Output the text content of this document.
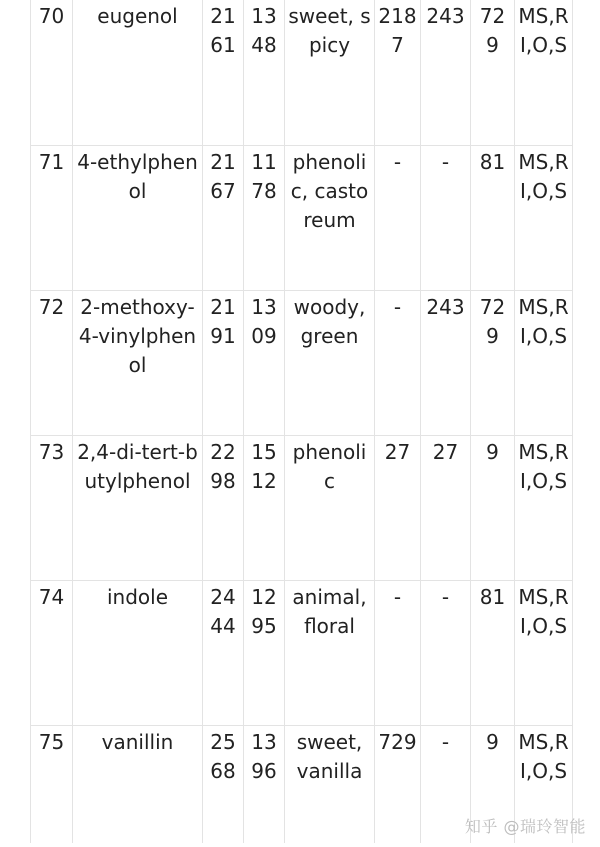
70	eugenol	2161	1348	sweet, spicy	2187	243	729	MS,RI,O,S
71	4-ethylphenol	2167	1178	phenolic, castoreum	-	-	81	MS,RI,O,S
72	2-methoxy-4-vinylphenol	2191	1309	woody, green	-	243	729	MS,RI,O,S
73	2,4-di-tert-butylphenol	2298	1512	phenolic	27	27	9	MS,RI,O,S
74	indole	2444	1295	animal, floral	-	-	81	MS,RI,O,S
75	vanillin	2568	1396	sweet, vanilla	729	-	9	MS,RI,O,S
知乎 @瑞玲智能
